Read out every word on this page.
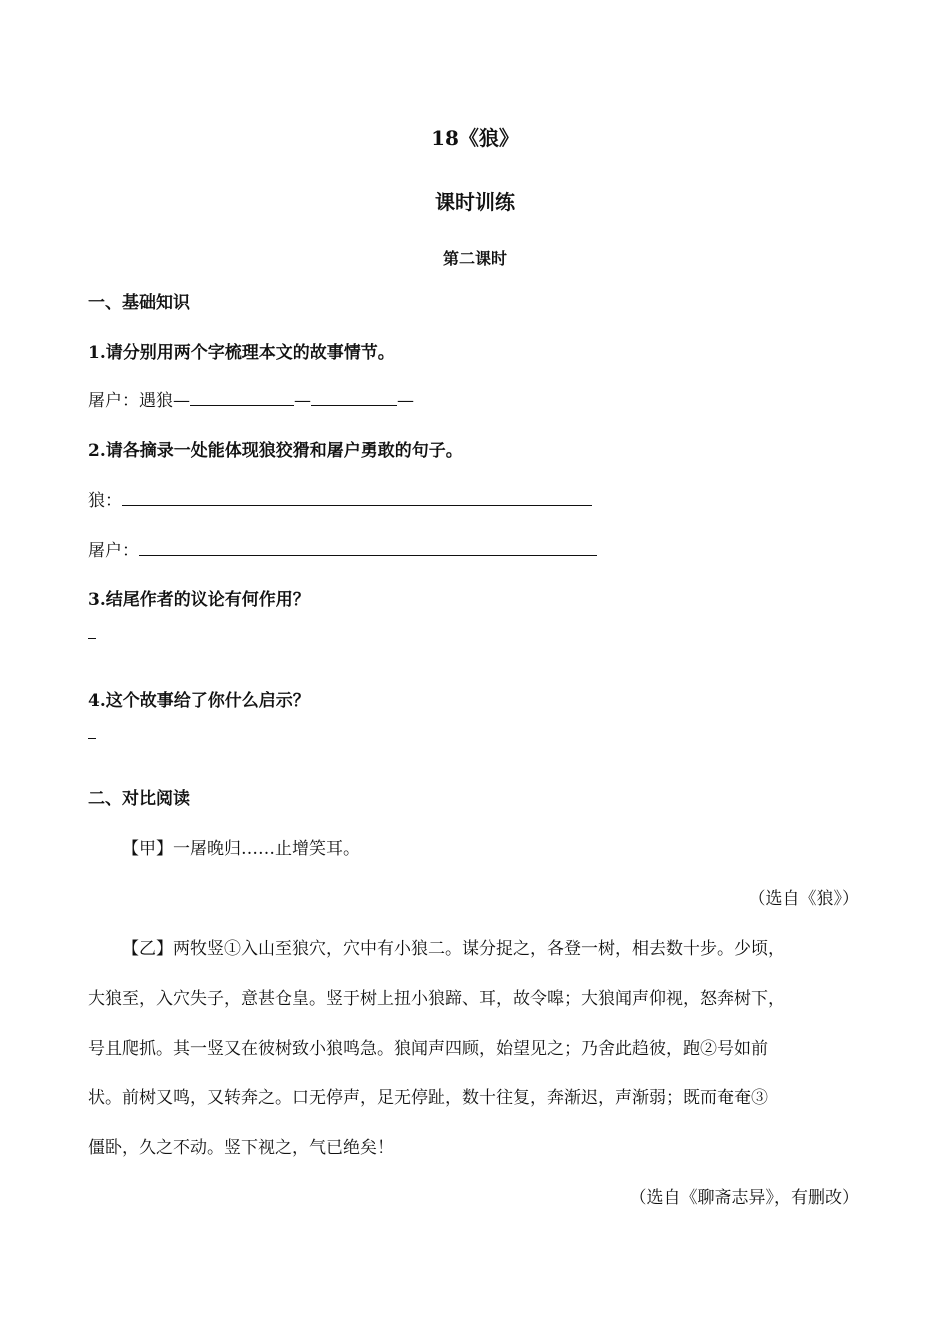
18《狼》
课时训练
第二课时
一、基础知识
1.请分别用两个字梳理本文的故事情节。
屠户：遇狼—	—	—
2.请各摘录一处能体现狼狡猾和屠户勇敢的句子。
狼：
屠户：
3.结尾作者的议论有何作用？
4.这个故事给了你什么启示？
二、对比阅读
【甲】一屠晚归……止增笑耳。
（选自《狼》）
【乙】两牧竖①入山至狼穴，穴中有小狼二。谋分捉之，各登一树，相去数十步。少顷，
大狼至，入穴失子，意甚仓皇。竖于树上扭小狼蹄、耳，故令嗥；大狼闻声仰视，怒奔树下，
号且爬抓。其一竖又在彼树致小狼鸣急。狼闻声四顾，始望见之；乃舍此趋彼，跑②号如前
状。前树又鸣，又转奔之。口无停声，足无停趾，数十往复，奔渐迟，声渐弱；既而奄奄③
僵卧，久之不动。竖下视之，气已绝矣！
（选自《聊斋志异》，有删改）
